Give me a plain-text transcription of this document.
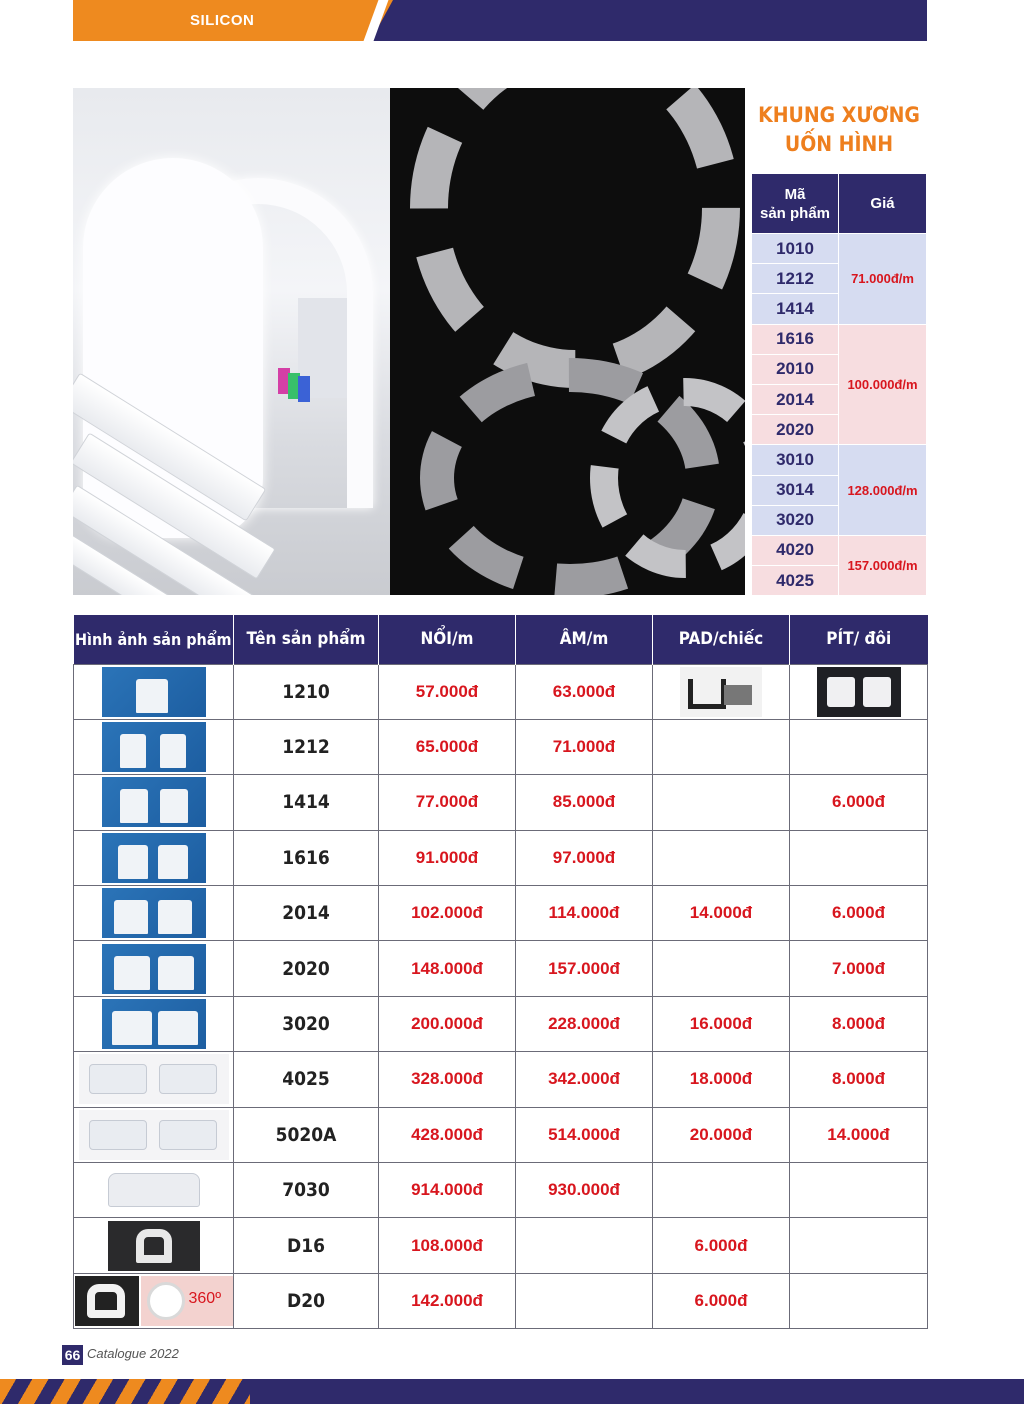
SILICON
KHUNG XƯƠNG
UỐN HÌNH
Mã
sản phẩm	Giá
1010	71.000đ/m
1212	
1414	
1616	100.000đ/m
2010	
2014	
2020	
3010	128.000đ/m
3014	
3020	
4020	157.000đ/m
4025	
Hình ảnh sản phẩm	Tên sản phẩm	NỔI/m	ÂM/m	PAD/chiếc	PÍT/ đôi

	1210	57.000đ	63.000đ	

	1212	65.000đ	71.000đ		

	1414	77.000đ	85.000đ		6.000đ

	1616	91.000đ	97.000đ		

	2014	102.000đ	114.000đ	14.000đ	6.000đ

	2020	148.000đ	157.000đ		7.000đ

	3020	200.000đ	228.000đ	16.000đ	8.000đ

	4025	328.000đ	342.000đ	18.000đ	8.000đ

	5020A	428.000đ	514.000đ	20.000đ	14.000đ

	7030	914.000đ	930.000đ		

	D16	108.000đ		6.000đ	

360º	D20	142.000đ		6.000đ	
66 Catalogue 2022
